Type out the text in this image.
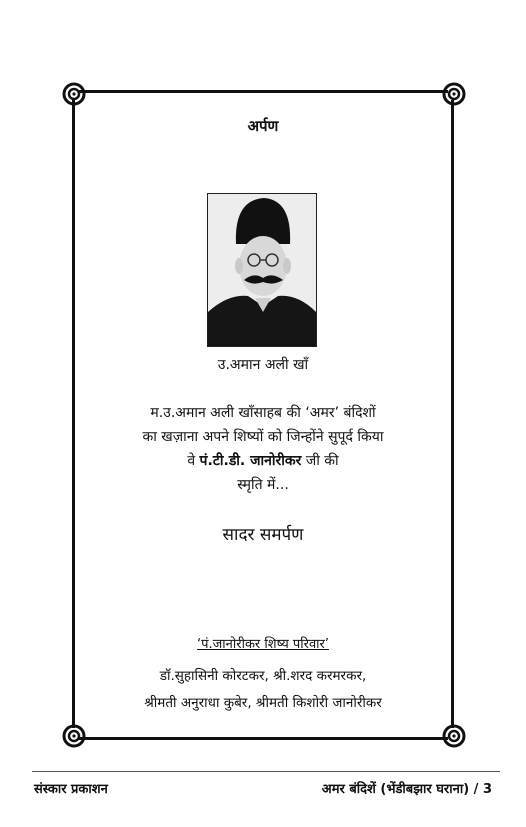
अर्पण
उ.अमान अली खाँ
म.उ.अमान अली खाँसाहब की ‘अमर’ बंदिशों
का खज़ाना अपने शिष्यों को जिन्होंने सुपूर्द किया
वे पं.टी.डी. जानोरीकर जी की
स्मृति में...
सादर समर्पण
‘पं.जानोरीकर शिष्य परिवार’
डॉ.सुहासिनी कोरटकर, श्री.शरद करमरकर,
श्रीमती अनुराधा कुबेर, श्रीमती किशोरी जानोरीकर
संस्कार प्रकाशन	अमर बंदिशें (भेंडीबझार घराना) / 3
